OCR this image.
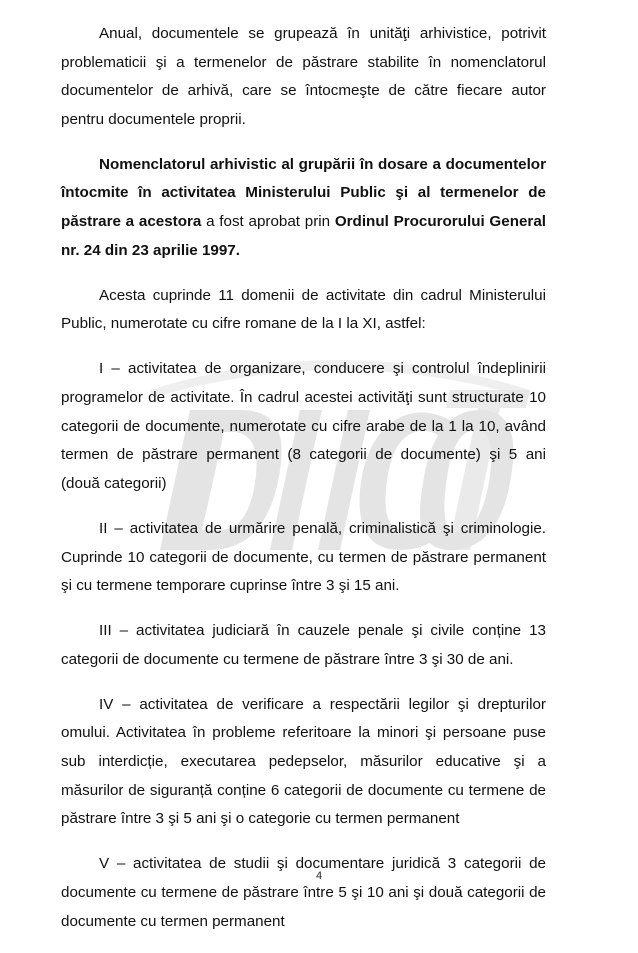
Anual, documentele se grupează în unităţi arhivistice, potrivit problematicii şi a termenelor de păstrare stabilite în nomenclatorul documentelor de arhivă, care se întocmeşte de către fiecare autor pentru documentele proprii.

Nomenclatorul arhivistic al grupării în dosare a documentelor întocmite în activitatea Ministerului Public şi al termenelor de păstrare a acestora a fost aprobat prin Ordinul Procurorului General nr. 24 din 23 aprilie 1997.

Acesta cuprinde 11 domenii de activitate din cadrul Ministerului Public, numerotate cu cifre romane de la I la XI, astfel:

I – activitatea de organizare, conducere şi controlul îndeplinirii programelor de activitate. În cadrul acestei activităţi sunt structurate 10 categorii de documente, numerotate cu cifre arabe de la 1 la 10, având termen de păstrare permanent (8 categorii de documente) şi 5 ani (două categorii)

II – activitatea de urmărire penală, criminalistică şi criminologie. Cuprinde 10 categorii de documente, cu termen de păstrare permanent şi cu termene temporare cuprinse între 3 şi 15 ani.

III – activitatea judiciară în cauzele penale şi civile conține 13 categorii de documente cu termene de păstrare între 3 şi 30 de ani.

IV – activitatea de verificare a respectării legilor şi drepturilor omului. Activitatea în probleme referitoare la minori şi persoane puse sub interdicție, executarea pedepselor, măsurilor educative şi a măsurilor de siguranță conține 6 categorii de documente cu termene de păstrare între 3 şi 5 ani şi o categorie cu termen permanent

V – activitatea de studii şi documentare juridică 3 categorii de documente cu termene de păstrare între 5 şi 10 ani şi două categorii de documente cu termen permanent

4
